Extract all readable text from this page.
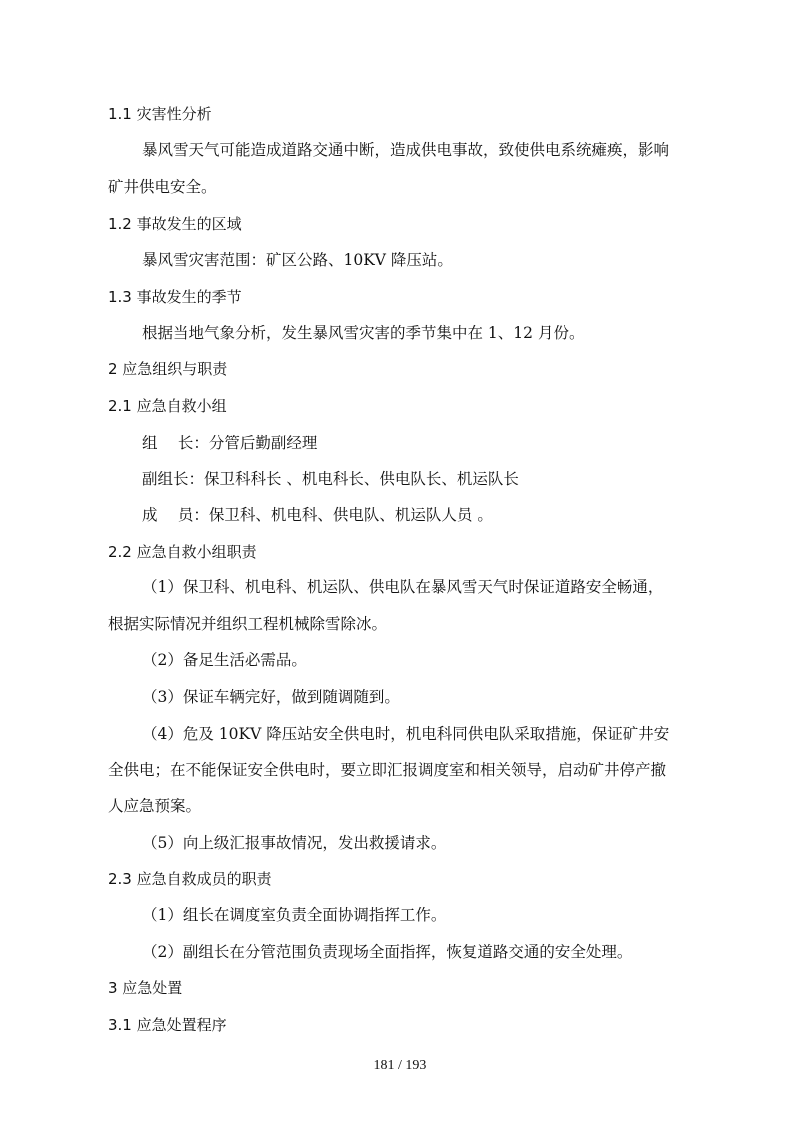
1.1 灾害性分析
暴风雪天气可能造成道路交通中断，造成供电事故，致使供电系统瘫痪，影响
矿井供电安全。
1.2 事故发生的区域
暴风雪灾害范围：矿区公路、10KV 降压站。
1.3 事故发生的季节
根据当地气象分析，发生暴风雪灾害的季节集中在 1、12 月份。
2 应急组织与职责
2.1 应急自救小组
组　 长：分管后勤副经理
副组长：保卫科科长 、机电科长、供电队长、机运队长
成　 员：保卫科、机电科、供电队、机运队人员 。
2.2 应急自救小组职责
（1）保卫科、机电科、机运队、供电队在暴风雪天气时保证道路安全畅通，
根据实际情况并组织工程机械除雪除冰。
（2）备足生活必需品。
（3）保证车辆完好，做到随调随到。
（4）危及 10KV 降压站安全供电时，机电科同供电队采取措施，保证矿井安
全供电；在不能保证安全供电时，要立即汇报调度室和相关领导，启动矿井停产撤
人应急预案。
（5）向上级汇报事故情况，发出救援请求。
2.3 应急自救成员的职责
（1）组长在调度室负责全面协调指挥工作。
（2）副组长在分管范围负责现场全面指挥，恢复道路交通的安全处理。
3 应急处置
3.1 应急处置程序
181 / 193
